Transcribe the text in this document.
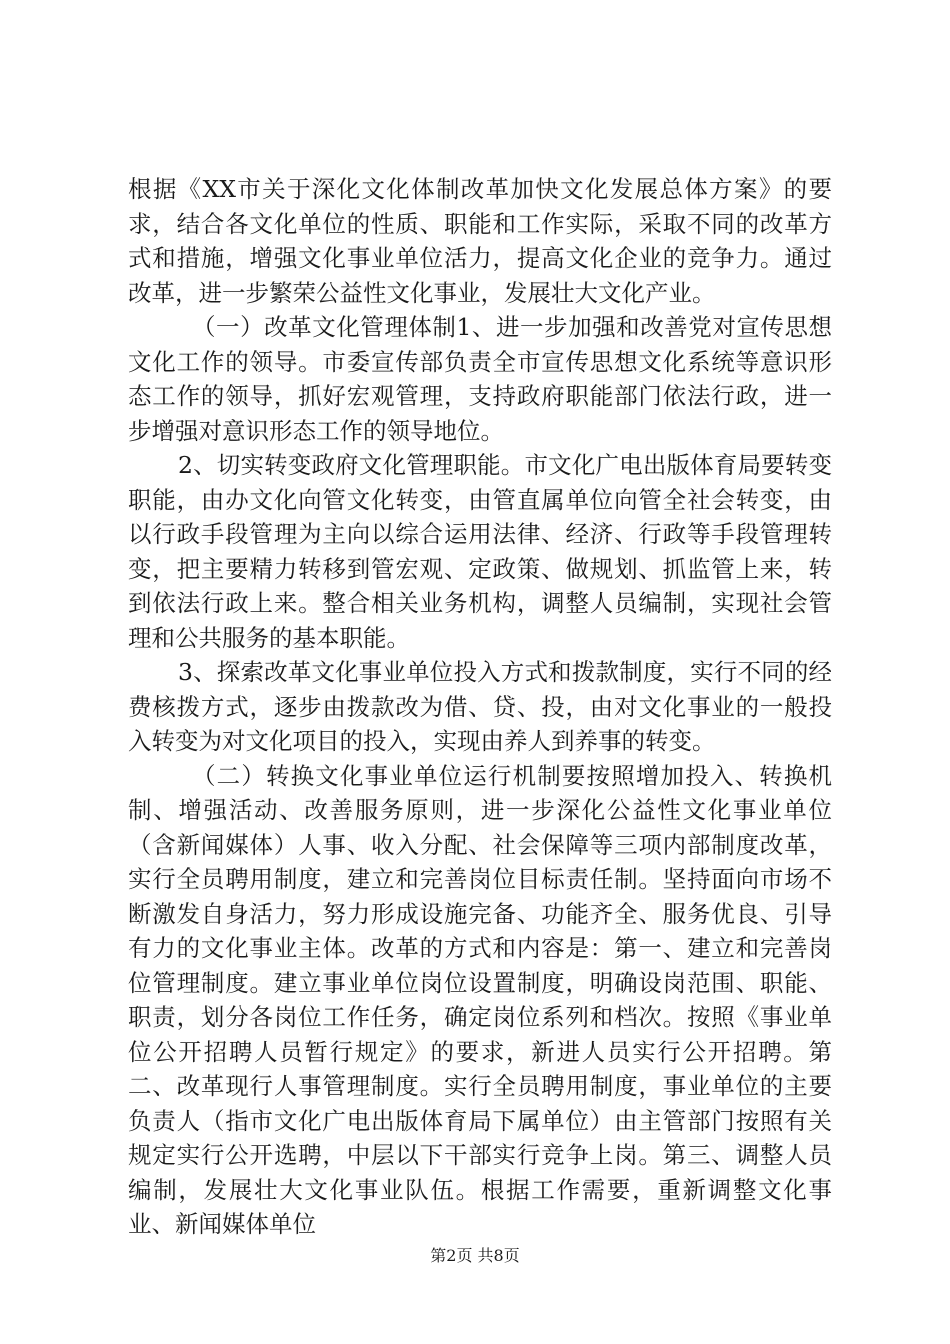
根据《XX市关于深化文化体制改革加快文化发展总体方案》的要求，结合各文化单位的性质、职能和工作实际，采取不同的改革方式和措施，增强文化事业单位活力，提高文化企业的竞争力。通过改革，进一步繁荣公益性文化事业，发展壮大文化产业。

（一）改革文化管理体制1、进一步加强和改善党对宣传思想文化工作的领导。市委宣传部负责全市宣传思想文化系统等意识形态工作的领导，抓好宏观管理，支持政府职能部门依法行政，进一步增强对意识形态工作的领导地位。

2、切实转变政府文化管理职能。市文化广电出版体育局要转变职能，由办文化向管文化转变，由管直属单位向管全社会转变，由以行政手段管理为主向以综合运用法律、经济、行政等手段管理转变，把主要精力转移到管宏观、定政策、做规划、抓监管上来，转到依法行政上来。整合相关业务机构，调整人员编制，实现社会管理和公共服务的基本职能。

3、探索改革文化事业单位投入方式和拨款制度，实行不同的经费核拨方式，逐步由拨款改为借、贷、投，由对文化事业的一般投入转变为对文化项目的投入，实现由养人到养事的转变。

（二）转换文化事业单位运行机制要按照增加投入、转换机制、增强活动、改善服务原则，进一步深化公益性文化事业单位（含新闻媒体）人事、收入分配、社会保障等三项内部制度改革，实行全员聘用制度，建立和完善岗位目标责任制。坚持面向市场不断激发自身活力，努力形成设施完备、功能齐全、服务优良、引导有力的文化事业主体。改革的方式和内容是：第一、建立和完善岗位管理制度。建立事业单位岗位设置制度，明确设岗范围、职能、职责，划分各岗位工作任务，确定岗位系列和档次。按照《事业单位公开招聘人员暂行规定》的要求，新进人员实行公开招聘。第二、改革现行人事管理制度。实行全员聘用制度，事业单位的主要负责人（指市文化广电出版体育局下属单位）由主管部门按照有关规定实行公开选聘，中层以下干部实行竞争上岗。第三、调整人员编制，发展壮大文化事业队伍。根据工作需要，重新调整文化事业、新闻媒体单位

第2页 共8页
